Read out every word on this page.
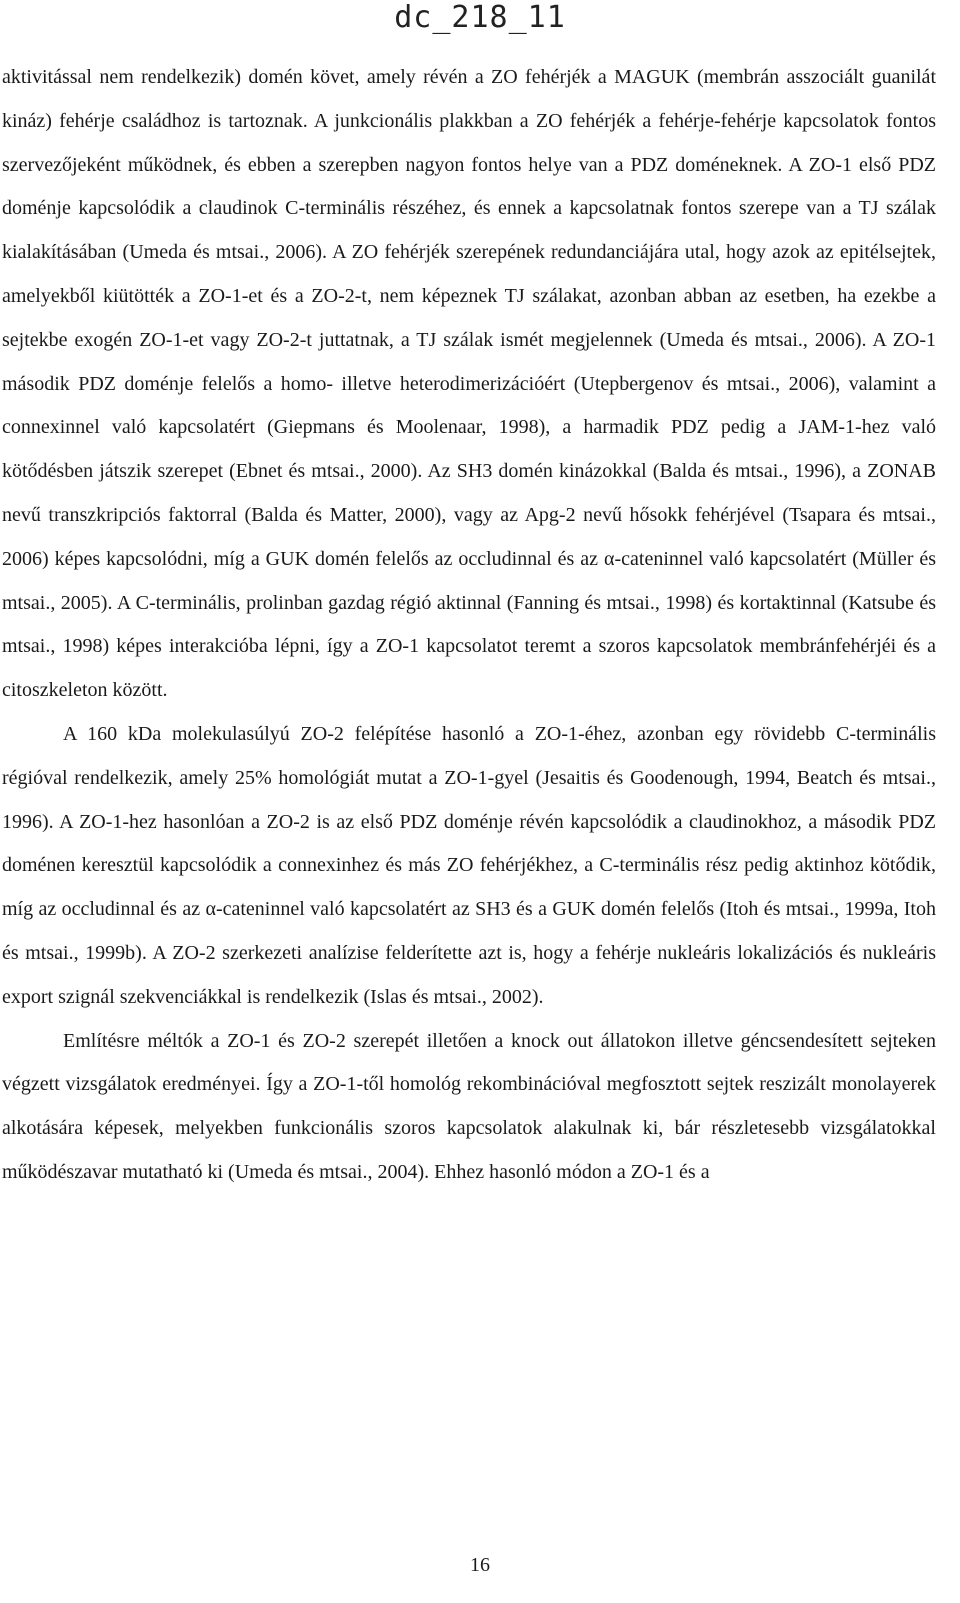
dc_218_11

aktivitással nem rendelkezik) domén követ, amely révén a ZO fehérjék a MAGUK (membrán asszociált guanilát kináz) fehérje családhoz is tartoznak. A junkcionális plakkban a ZO fehérjék a fehérje-fehérje kapcsolatok fontos szervezőjeként működnek, és ebben a szerepben nagyon fontos helye van a PDZ doméneknek. A ZO-1 első PDZ doménje kapcsolódik a claudinok C-terminális részéhez, és ennek a kapcsolatnak fontos szerepe van a TJ szálak kialakításában (Umeda és mtsai., 2006). A ZO fehérjék szerepének redundanciájára utal, hogy azok az epitélsejtek, amelyekből kiütötték a ZO-1-et és a ZO-2-t, nem képeznek TJ szálakat, azonban abban az esetben, ha ezekbe a sejtekbe exogén ZO-1-et vagy ZO-2-t juttatnak, a TJ szálak ismét megjelennek (Umeda és mtsai., 2006). A ZO-1 második PDZ doménje felelős a homo- illetve heterodimerizációért (Utepbergenov és mtsai., 2006), valamint a connexinnel való kapcsolatért (Giepmans és Moolenaar, 1998), a harmadik PDZ pedig a JAM-1-hez való kötődésben játszik szerepet (Ebnet és mtsai., 2000). Az SH3 domén kinázokkal (Balda és mtsai., 1996), a ZONAB nevű transzkripciós faktorral (Balda és Matter, 2000), vagy az Apg-2 nevű hősokk fehérjével (Tsapara és mtsai., 2006) képes kapcsolódni, míg a GUK domén felelős az occludinnal és az α-cateninnel való kapcsolatért (Müller és mtsai., 2005). A C-terminális, prolinban gazdag régió aktinnal (Fanning és mtsai., 1998) és kortaktinnal (Katsube és mtsai., 1998) képes interakcióba lépni, így a ZO-1 kapcsolatot teremt a szoros kapcsolatok membránfehérjéi és a citoszkeleton között.

A 160 kDa molekulasúlyú ZO-2 felépítése hasonló a ZO-1-éhez, azonban egy rövidebb C-terminális régióval rendelkezik, amely 25% homológiát mutat a ZO-1-gyel (Jesaitis és Goodenough, 1994, Beatch és mtsai., 1996). A ZO-1-hez hasonlóan a ZO-2 is az első PDZ doménje révén kapcsolódik a claudinokhoz, a második PDZ doménen keresztül kapcsolódik a connexinhez és más ZO fehérjékhez, a C-terminális rész pedig aktinhoz kötődik, míg az occludinnal és az α-cateninnel való kapcsolatért az SH3 és a GUK domén felelős (Itoh és mtsai., 1999a, Itoh és mtsai., 1999b). A ZO-2 szerkezeti analízise felderítette azt is, hogy a fehérje nukleáris lokalizációs és nukleáris export szignál szekvenciákkal is rendelkezik (Islas és mtsai., 2002).

Említésre méltók a ZO-1 és ZO-2 szerepét illetően a knock out állatokon illetve géncsendesített sejteken végzett vizsgálatok eredményei. Így a ZO-1-től homológ rekombinációval megfosztott sejtek reszizált monolayerek alkotására képesek, melyekben funkcionális szoros kapcsolatok alakulnak ki, bár részletesebb vizsgálatokkal működészavar mutatható ki (Umeda és mtsai., 2004). Ehhez hasonló módon a ZO-1 és a

16
